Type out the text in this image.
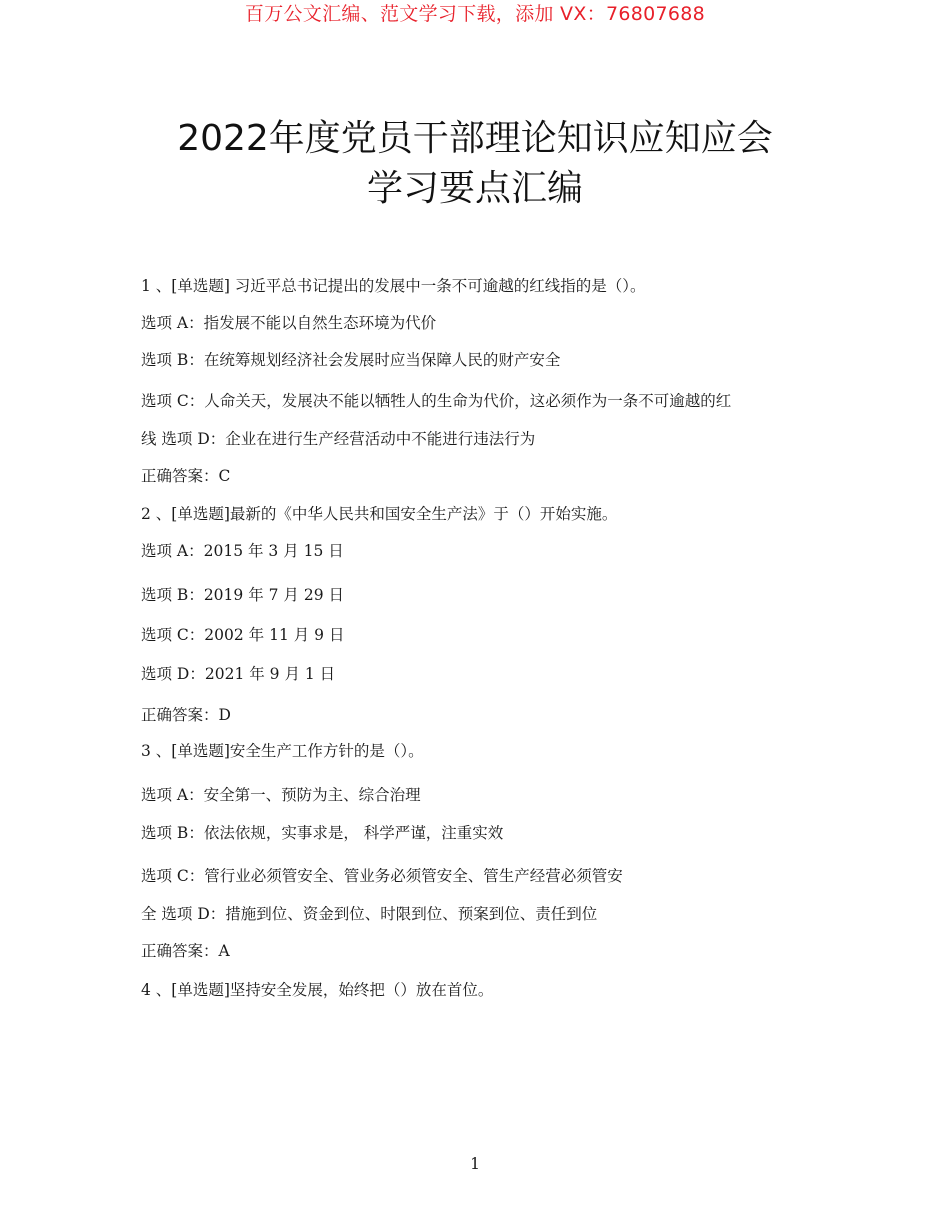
百万公文汇编、范文学习下载，添加 VX：76807688
2022年度党员干部理论知识应知应会
学习要点汇编
1 、[单选题] 习近平总书记提出的发展中一条不可逾越的红线指的是（）。
选项 A：指发展不能以自然生态环境为代价
选项 B：在统筹规划经济社会发展时应当保障人民的财产安全
选项 C：人命关天，发展决不能以牺牲人的生命为代价，这必须作为一条不可逾越的红
线 选项 D：企业在进行生产经营活动中不能进行违法行为
正确答案：C
2 、[单选题]最新的《中华人民共和国安全生产法》于（）开始实施。
选项 A：2015 年 3 月 15 日
选项 B：2019 年 7 月 29 日
选项 C：2002 年 11 月 9 日
选项 D：2021 年 9 月 1 日
正确答案：D
3 、[单选题]安全生产工作方针的是（）。
选项 A：安全第一、预防为主、综合治理
选项 B：依法依规，实事求是， 科学严谨，注重实效
选项 C：管行业必须管安全、管业务必须管安全、管生产经营必须管安
全 选项 D：措施到位、资金到位、时限到位、预案到位、责任到位
正确答案：A
4 、[单选题]坚持安全发展，始终把（）放在首位。
1
